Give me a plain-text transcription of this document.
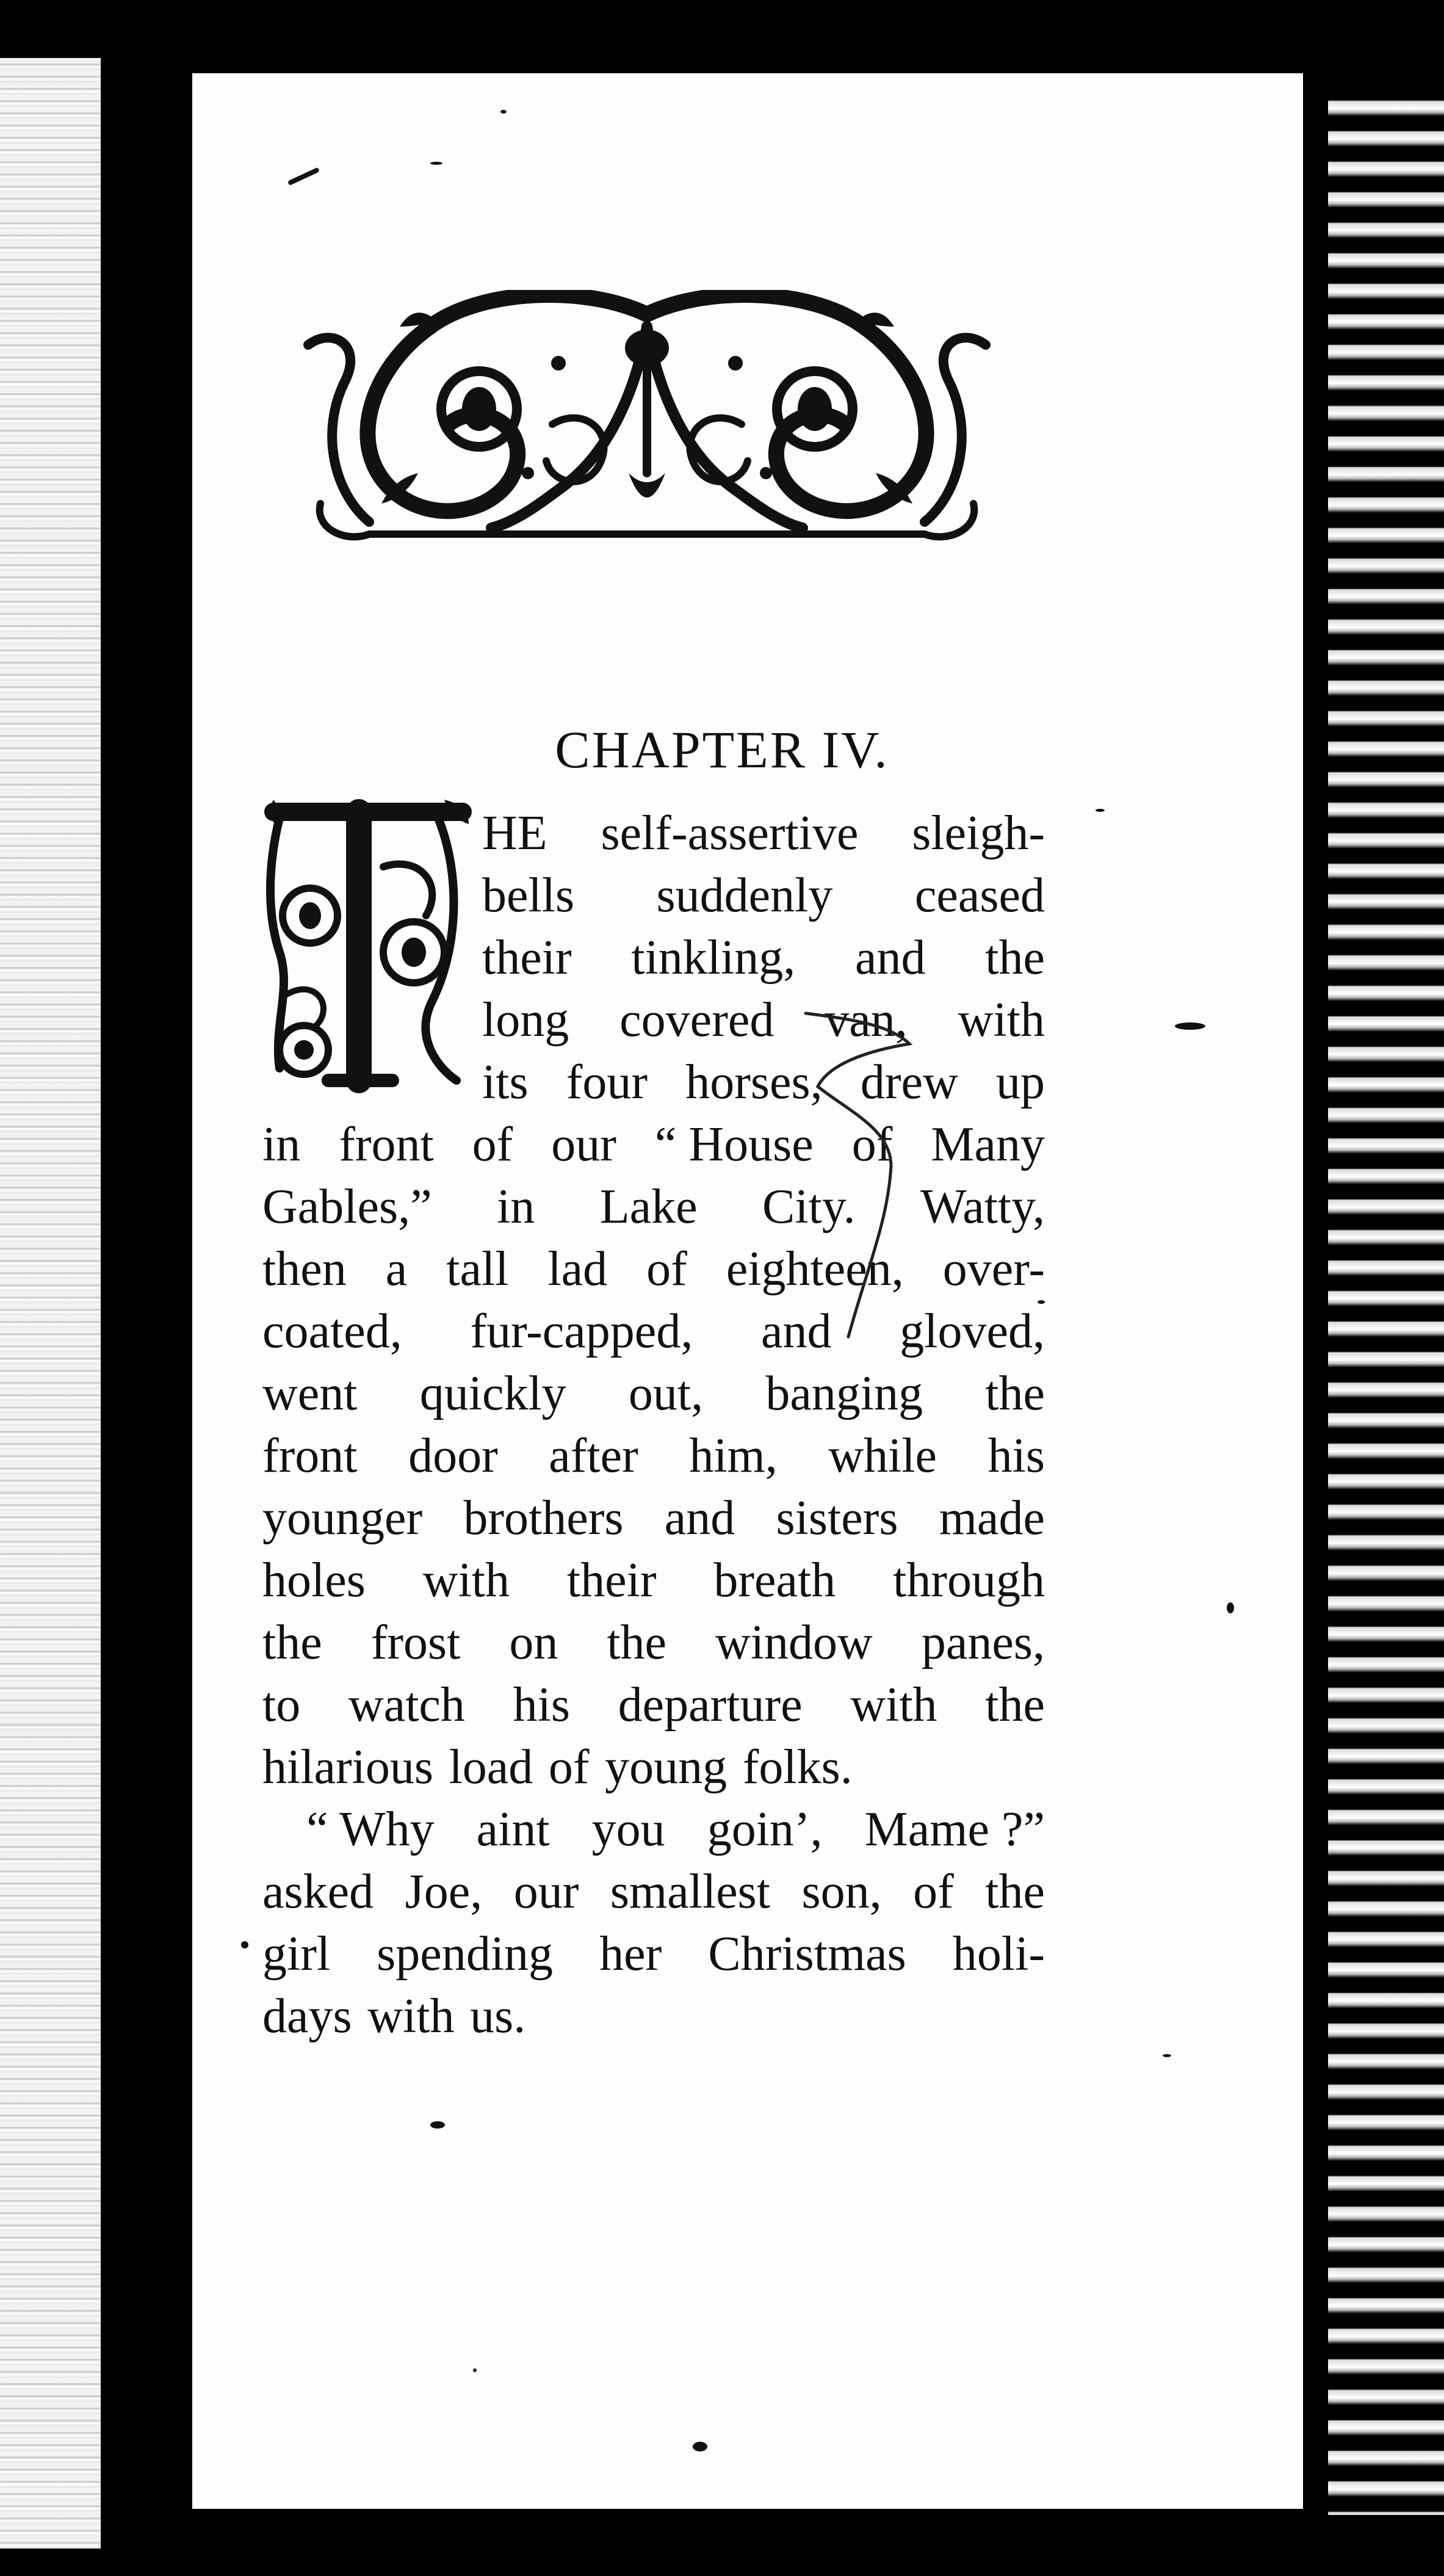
CHAPTER IV.
HE self-assertive sleigh-
bells suddenly ceased
their tinkling, and the
long covered van, with
its four horses, drew up
in front of our “ House of Many
Gables,” in Lake City. Watty,
then a tall lad of eighteen, over-
coated, fur-capped, and gloved,
went quickly out, banging the
front door after him, while his
younger brothers and sisters made
holes with their breath through
the frost on the window panes,
to watch his departure with the
hilarious load of young folks.
“ Why aint you goin’, Mame ?”
asked Joe, our smallest son, of the
girl spending her Christmas holi-
days with us.
